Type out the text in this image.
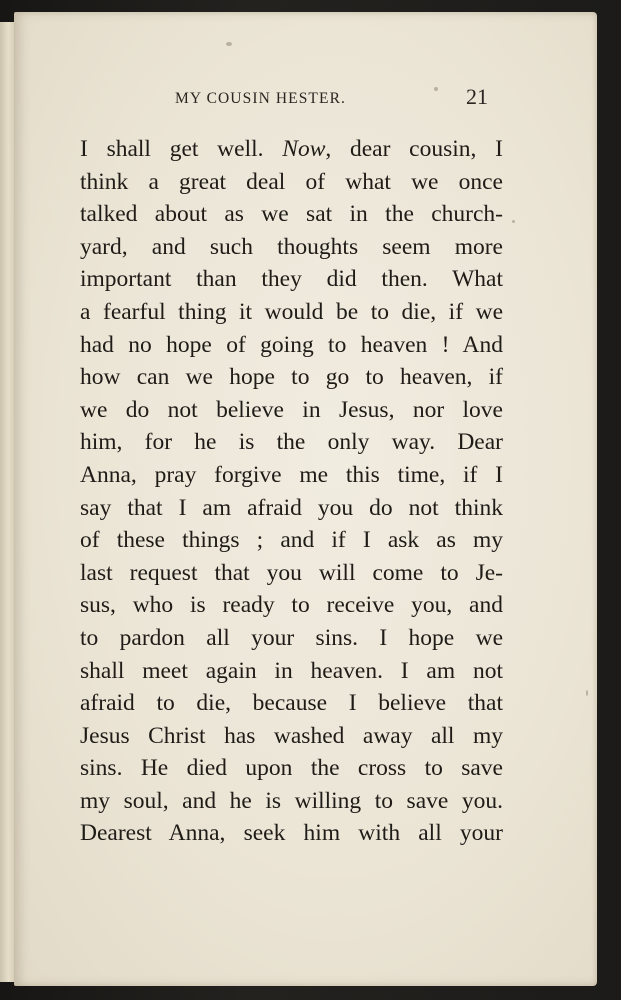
MY COUSIN HESTER.	21
I shall get well. Now, dear cousin, I
think a great deal of what we once
talked about as we sat in the church-
yard, and such thoughts seem more
important than they did then. What
a fearful thing it would be to die, if we
had no hope of going to heaven ! And
how can we hope to go to heaven, if
we do not believe in Jesus, nor love
him, for he is the only way. Dear
Anna, pray forgive me this time, if I
say that I am afraid you do not think
of these things ; and if I ask as my
last request that you will come to Je-
sus, who is ready to receive you, and
to pardon all your sins. I hope we
shall meet again in heaven. I am not
afraid to die, because I believe that
Jesus Christ has washed away all my
sins. He died upon the cross to save
my soul, and he is willing to save you.
Dearest Anna, seek him with all your
